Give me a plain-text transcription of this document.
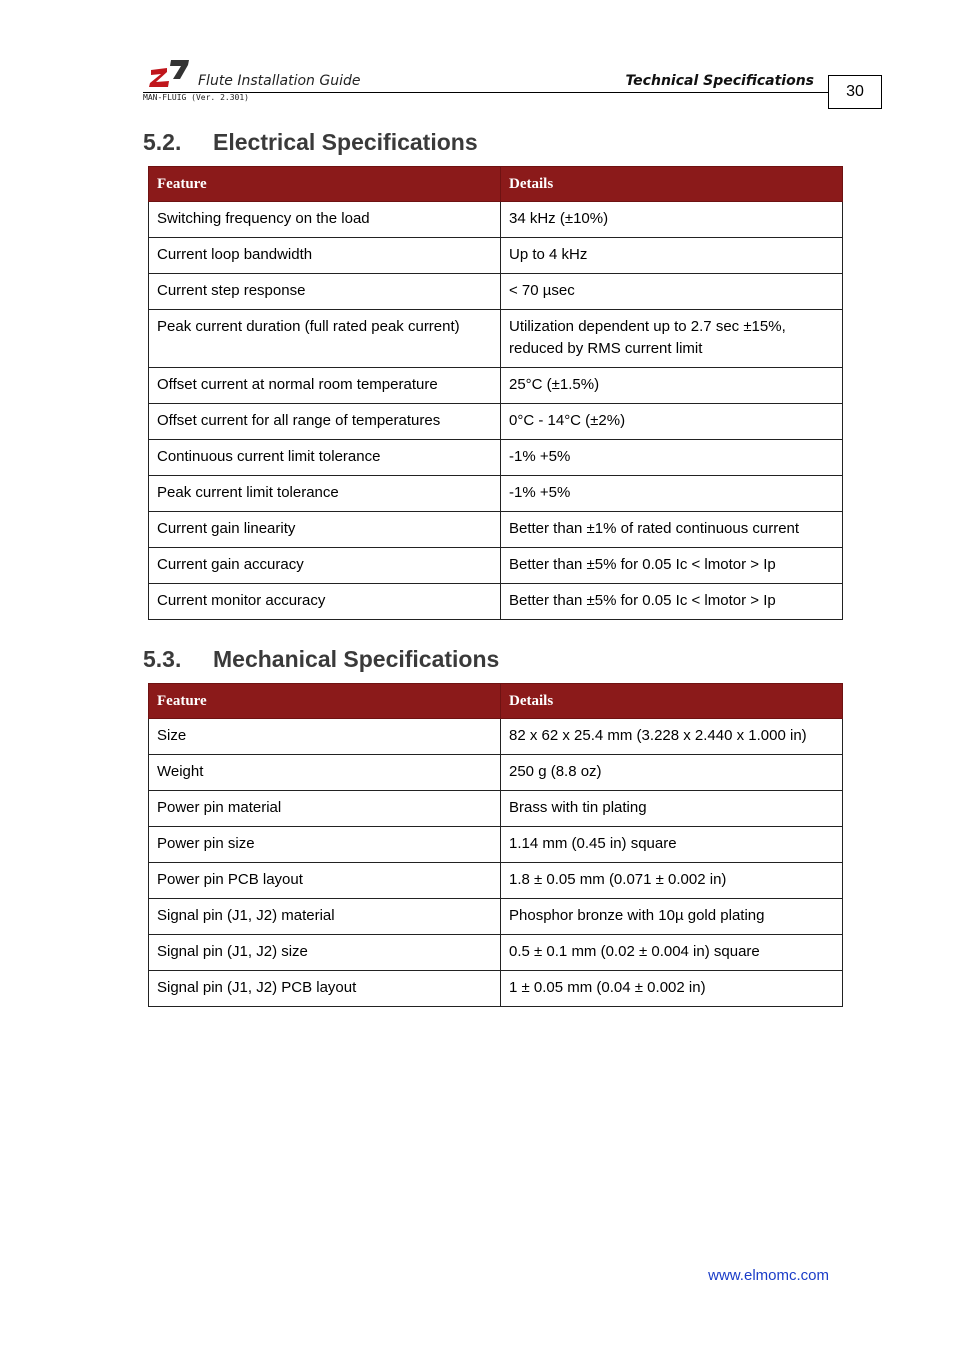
Flute Installation Guide	Technical Specifications
MAN-FLUIG (Ver. 2.301)	30
5.2.	Electrical Specifications
Feature	Details
Switching frequency on the load	34 kHz (±10%)
Current loop bandwidth	Up to 4 kHz
Current step response	< 70 µsec
Peak current duration (full rated peak current)	Utilization dependent up to 2.7 sec ±15%, reduced by RMS current limit
Offset current at normal room temperature	25°C (±1.5%)
Offset current for all range of temperatures	0°C - 14°C (±2%)
Continuous current limit tolerance	-1% +5%
Peak current limit tolerance	-1% +5%
Current gain linearity	Better than ±1% of rated continuous current
Current gain accuracy	Better than ±5% for 0.05 Ic < lmotor > Ip
Current monitor accuracy	Better than ±5% for 0.05 Ic < lmotor > Ip
5.3.	Mechanical Specifications
Feature	Details
Size	82 x 62 x 25.4 mm (3.228 x 2.440 x 1.000 in)
Weight	250 g (8.8 oz)
Power pin material	Brass with tin plating
Power pin size	1.14 mm (0.45 in) square
Power pin PCB layout	1.8 ± 0.05 mm (0.071 ± 0.002 in)
Signal pin (J1, J2) material	Phosphor bronze with 10µ gold plating
Signal pin (J1, J2) size	0.5 ± 0.1 mm (0.02 ± 0.004 in) square
Signal pin (J1, J2) PCB layout	1 ± 0.05 mm (0.04 ± 0.002 in)
www.elmomc.com
